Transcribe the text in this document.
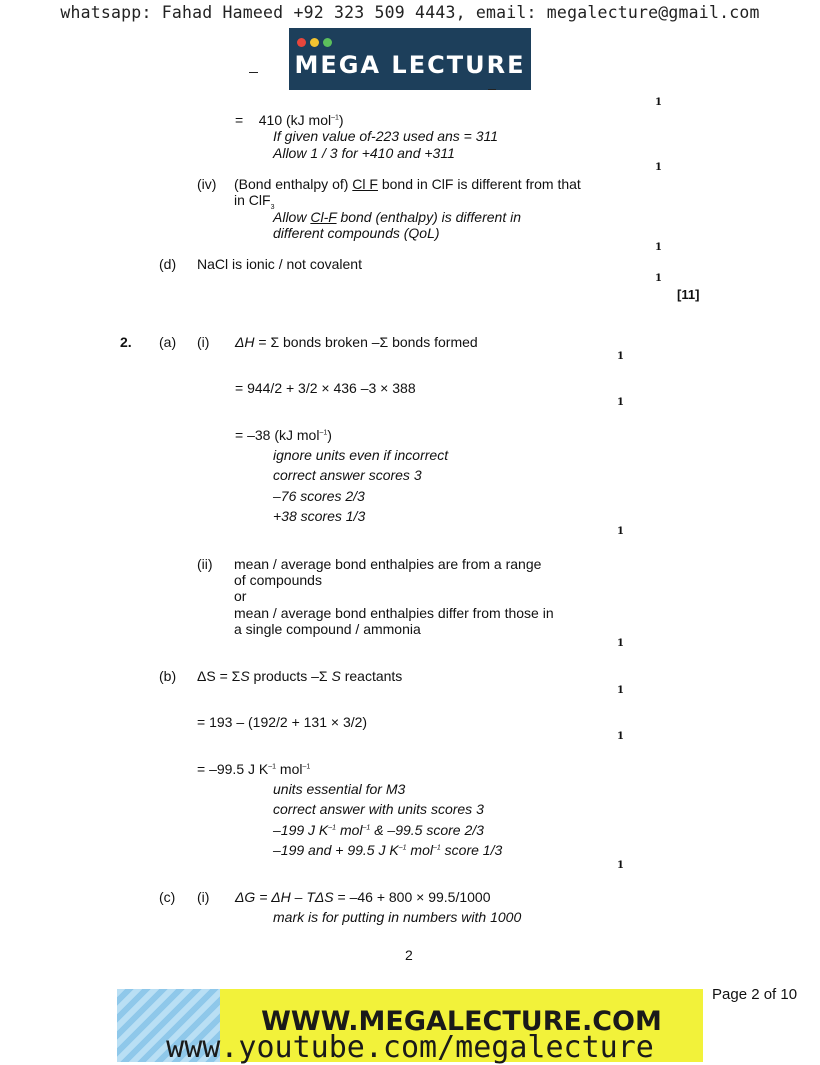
whatsapp: Fahad Hameed +92 323 509 4443, email: megalecture@gmail.com
MEGA LECTURE
1
= 410 (kJ mol$^{-1}$)
If given value of-223 used ans = 311
Allow 1 / 3 for +410 and +311
1
(iv) (Bond enthalpy of) Cl F bond in ClF is different from that
in ClF$_3$
Allow Cl-F bond (enthalpy) is different in
different compounds (QoL)
1
(d) NaCl is ionic / not covalent
1
[11]
2. (a) (i) ΔH = Σ bonds broken –Σ bonds formed
1
= 944/2 + 3/2 × 436 –3 × 388
1
= –38 (kJ mol$^{-1}$)
ignore units even if incorrect
correct answer scores 3
–76 scores 2/3
+38 scores 1/3
1
(ii) mean / average bond enthalpies are from a range
of compounds
or
mean / average bond enthalpies differ from those in
a single compound / ammonia
1
(b) ΔS = ΣS products –Σ S reactants
1
= 193 – (192/2 + 131 × 3/2)
1
= –99.5 J $K^{-1}$ mol$^{-1}$
units essential for M3
correct answer with units scores 3
–199 J $K^{-1}$ mol$^{-1}$ & –99.5 score 2/3
–199 and + 99.5 J $K^{-1}$ mol$^{-1}$ score 1/3
1
(c) (i) ΔG = ΔH – TΔS = –46 + 800 × 99.5/1000
mark is for putting in numbers with 1000
2
WWW.MEGALECTURE.COM
www.youtube.com/megalecture
Page 2 of 10
